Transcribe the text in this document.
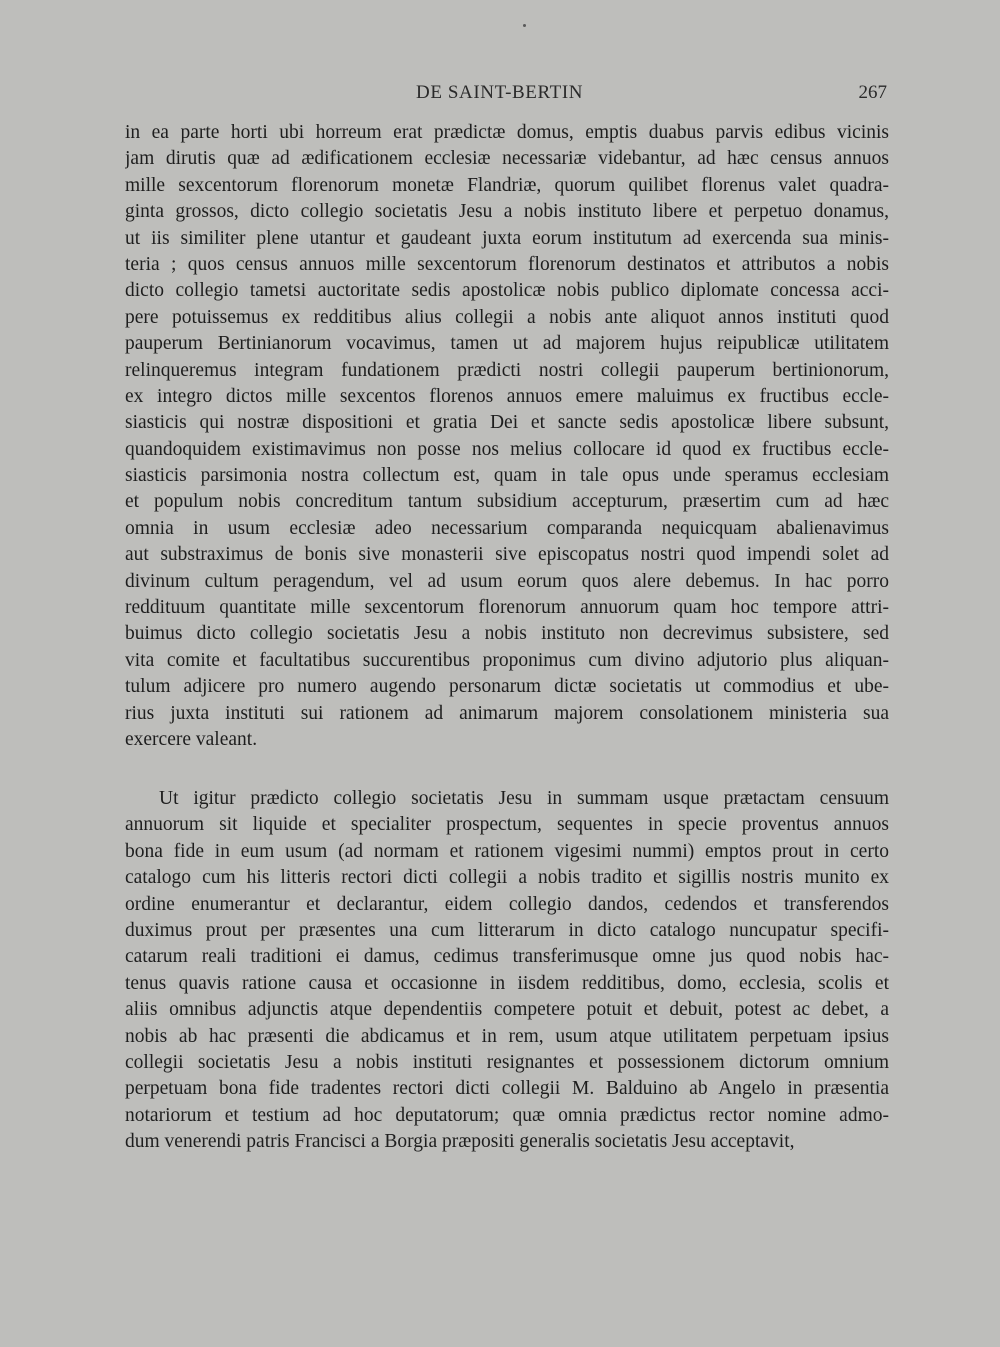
DE SAINT-BERTIN	267
in ea parte horti ubi horreum erat prædictæ domus, emptis duabus parvis edibus vicinis
jam dirutis quæ ad ædificationem ecclesiæ necessariæ videbantur, ad hæc census annuos
mille sexcentorum florenorum monetæ Flandriæ, quorum quilibet florenus valet quadra-
ginta grossos, dicto collegio societatis Jesu a nobis instituto libere et perpetuo donamus,
ut iis similiter plene utantur et gaudeant juxta eorum institutum ad exercenda sua minis-
teria ; quos census annuos mille sexcentorum florenorum destinatos et attributos a nobis
dicto collegio tametsi auctoritate sedis apostolicæ nobis publico diplomate concessa acci-
pere potuissemus ex redditibus alius collegii a nobis ante aliquot annos instituti quod
pauperum Bertinianorum vocavimus, tamen ut ad majorem hujus reipublicæ utilitatem
relinqueremus integram fundationem prædicti nostri collegii pauperum bertinionorum,
ex integro dictos mille sexcentos florenos annuos emere maluimus ex fructibus eccle-
siasticis qui nostræ dispositioni et gratia Dei et sancte sedis apostolicæ libere subsunt,
quandoquidem existimavimus non posse nos melius collocare id quod ex fructibus eccle-
siasticis parsimonia nostra collectum est, quam in tale opus unde speramus ecclesiam
et populum nobis concreditum tantum subsidium accepturum, præsertim cum ad hæc
omnia in usum ecclesiæ adeo necessarium comparanda nequicquam abalienavimus
aut substraximus de bonis sive monasterii sive episcopatus nostri quod impendi solet ad
divinum cultum peragendum, vel ad usum eorum quos alere debemus. In hac porro
reddituum quantitate mille sexcentorum florenorum annuorum quam hoc tempore attri-
buimus dicto collegio societatis Jesu a nobis instituto non decrevimus subsistere, sed
vita comite et facultatibus succurentibus proponimus cum divino adjutorio plus aliquan-
tulum adjicere pro numero augendo personarum dictæ societatis ut commodius et ube-
rius juxta instituti sui rationem ad animarum majorem consolationem ministeria sua
exercere valeant.
Ut igitur prædicto collegio societatis Jesu in summam usque prætactam censuum
annuorum sit liquide et specialiter prospectum, sequentes in specie proventus annuos
bona fide in eum usum (ad normam et rationem vigesimi nummi) emptos prout in certo
catalogo cum his litteris rectori dicti collegii a nobis tradito et sigillis nostris munito ex
ordine enumerantur et declarantur, eidem collegio dandos, cedendos et transferendos
duximus prout per præsentes una cum litterarum in dicto catalogo nuncupatur specifi-
catarum reali traditioni ei damus, cedimus transferimusque omne jus quod nobis hac-
tenus quavis ratione causa et occasionne in iisdem redditibus, domo, ecclesia, scolis et
aliis omnibus adjunctis atque dependentiis competere potuit et debuit, potest ac debet, a
nobis ab hac præsenti die abdicamus et in rem, usum atque utilitatem perpetuam ipsius
collegii societatis Jesu a nobis instituti resignantes et possessionem dictorum omnium
perpetuam bona fide tradentes rectori dicti collegii M. Balduino ab Angelo in præsentia
notariorum et testium ad hoc deputatorum; quæ omnia prædictus rector nomine admo-
dum venerendi patris Francisci a Borgia præpositi generalis societatis Jesu acceptavit,
